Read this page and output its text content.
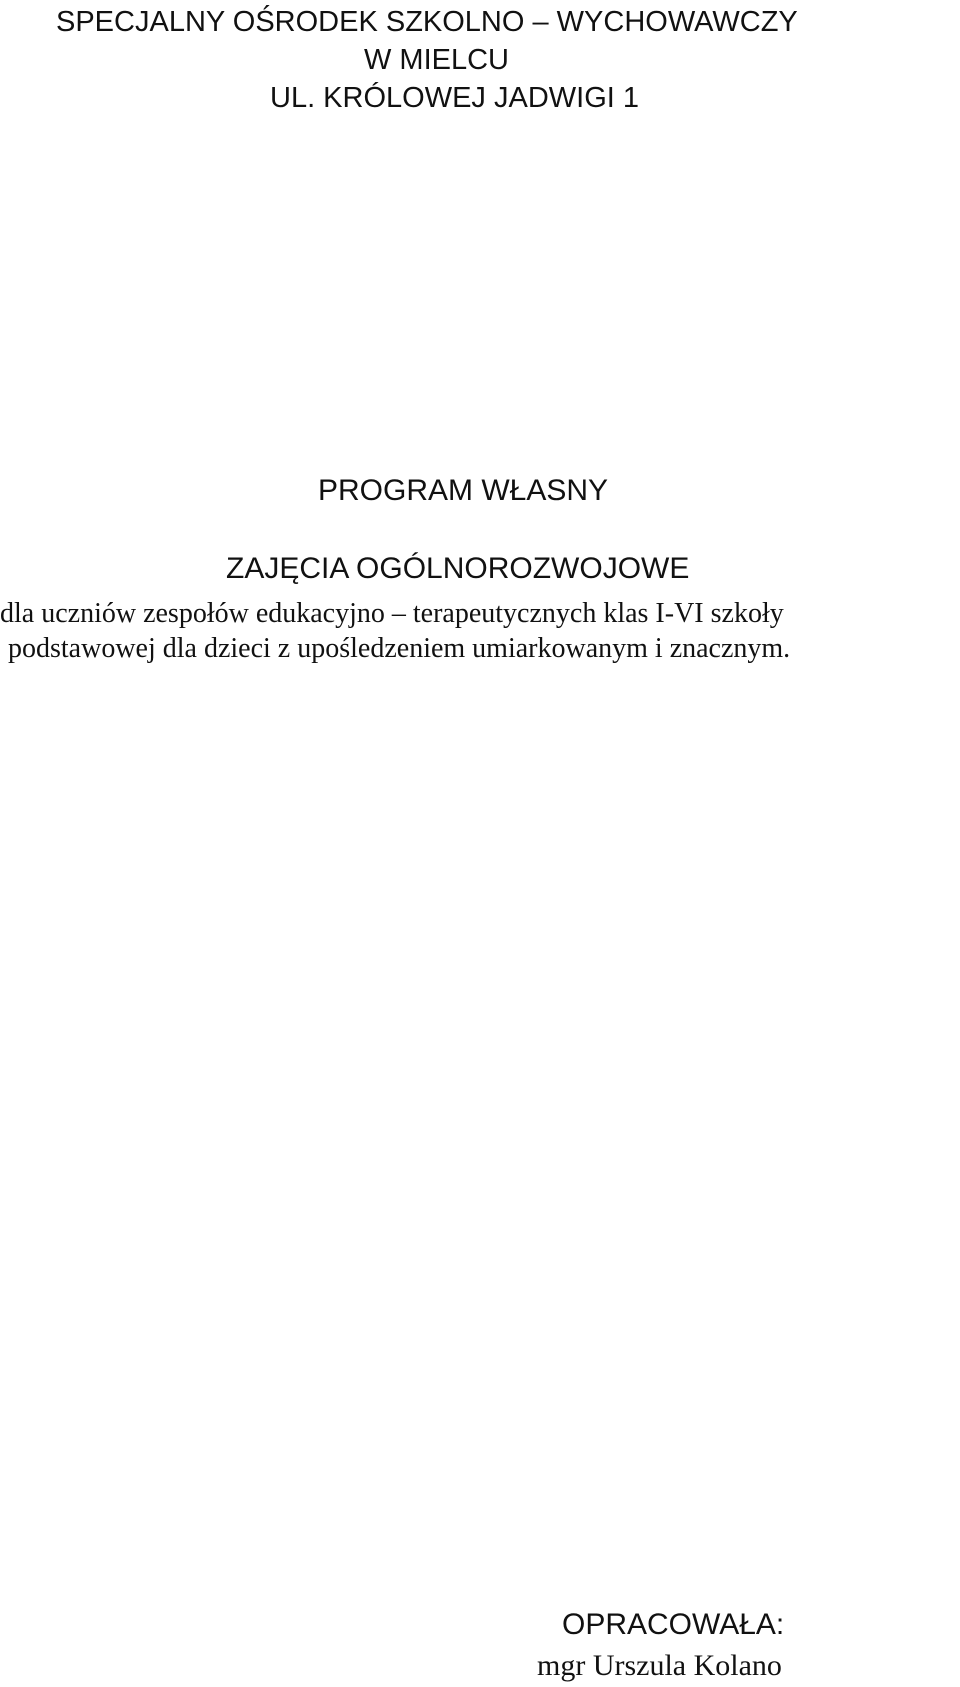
SPECJALNY OŚRODEK SZKOLNO – WYCHOWAWCZY
W MIELCU
UL. KRÓLOWEJ JADWIGI 1
PROGRAM WŁASNY
ZAJĘCIA OGÓLNOROZWOJOWE
dla uczniów zespołów edukacyjno – terapeutycznych klas I-VI szkoły
podstawowej dla dzieci z upośledzeniem umiarkowanym i znacznym.
OPRACOWAŁA:
mgr Urszula Kolano
